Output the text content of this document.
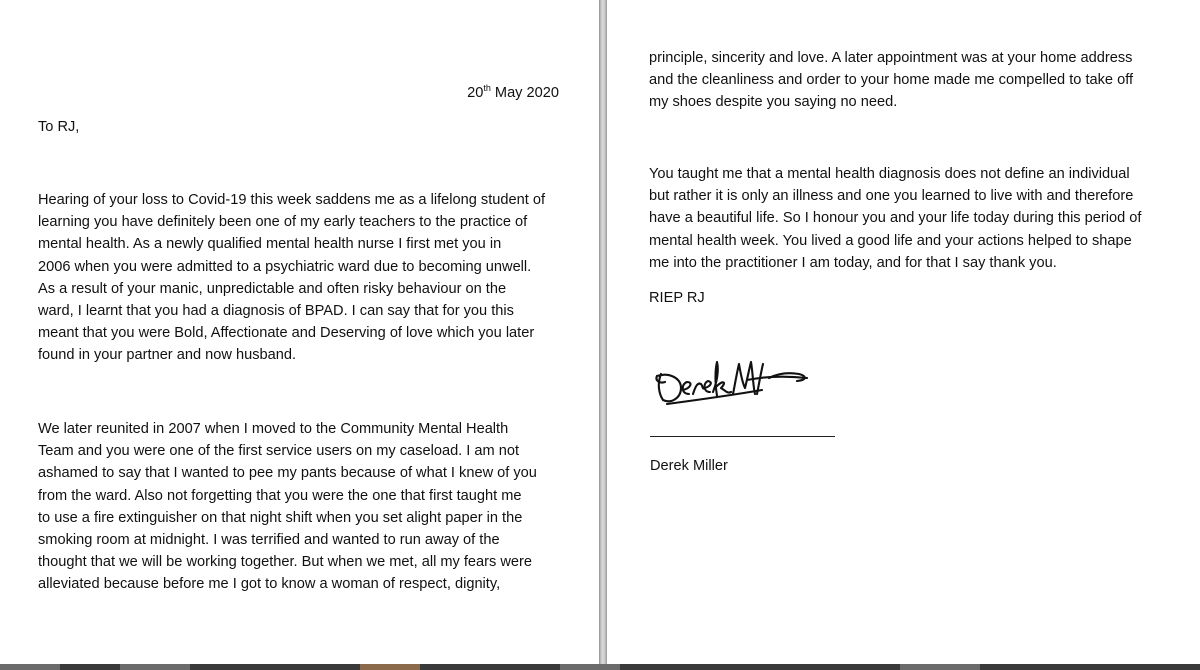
20th May 2020
To RJ,
Hearing of your loss to Covid-19 this week saddens me as a lifelong student of
learning you have definitely been one of my early teachers to the practice of
mental health. As a newly qualified mental health nurse I first met you in
2006 when you were admitted to a psychiatric ward due to becoming unwell.
As a result of your manic, unpredictable and often risky behaviour on the
ward, I learnt that you had a diagnosis of BPAD. I can say that for you this
meant that you were Bold, Affectionate and Deserving of love which you later
found in your partner and now husband.
We later reunited in 2007 when I moved to the Community Mental Health
Team and you were one of the first service users on my caseload. I am not
ashamed to say that I wanted to pee my pants because of what I knew of you
from the ward. Also not forgetting that you were the one that first taught me
to use a fire extinguisher on that night shift when you set alight paper in the
smoking room at midnight. I was terrified and wanted to run away of the
thought that we will be working together. But when we met, all my fears were
alleviated because before me I got to know a woman of respect, dignity,
principle, sincerity and love. A later appointment was at your home address
and the cleanliness and order to your home made me compelled to take off
my shoes despite you saying no need.
You taught me that a mental health diagnosis does not define an individual
but rather it is only an illness and one you learned to live with and therefore
have a beautiful life. So I honour you and your life today during this period of
mental health week. You lived a good life and your actions helped to shape
me into the practitioner I am today, and for that I say thank you.
RIEP RJ
Derek Miller
